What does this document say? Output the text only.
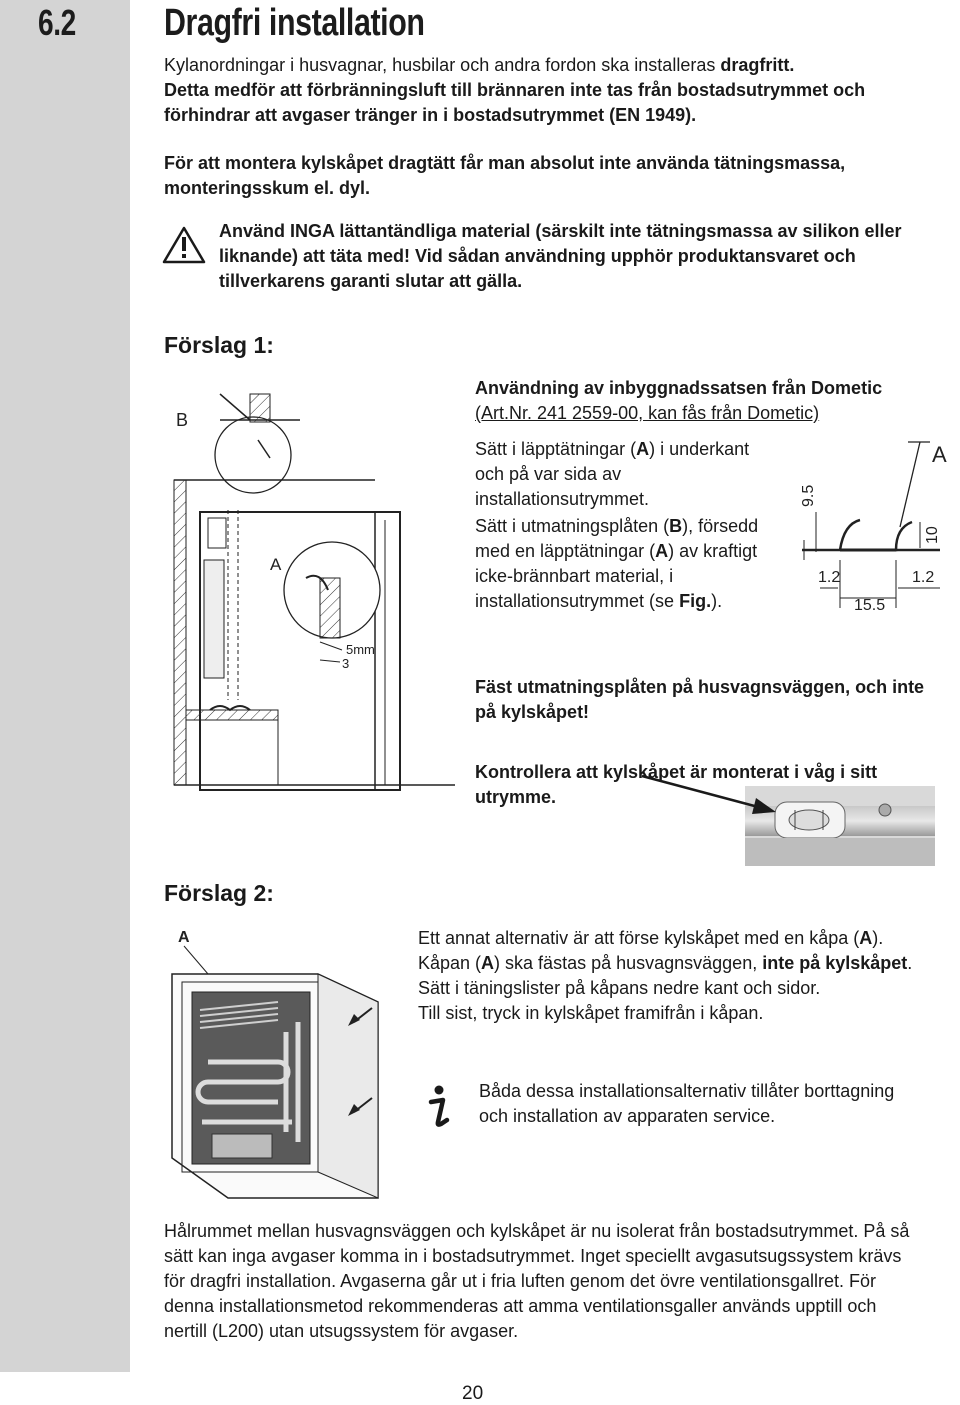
6.2 Dragfri installation

Kylanordningar i husvagnar, husbilar och andra fordon ska installeras dragfritt.
Detta medför att förbränningsluft till brännaren inte tas från bostadsutrymmet och förhindrar att avgaser tränger in i bostadsutrymmet (EN 1949).

För att montera kylskåpet dragtätt får man absolut inte använda tätningsmassa, monteringsskum el. dyl.

Använd INGA lättantändliga material (särskilt inte tätningsmassa av silikon eller liknande) att täta med! Vid sådan användning upphör produktansvaret och tillverkarens garanti slutar att gälla.

Förslag 1:
B
A
5mm
3

Användning av inbyggnadssatsen från Dometic
(Art.Nr. 241 2559-00, kan fås från Dometic)

Sätt i läpptätningar (A) i underkant och på var sida av installationsutrymmet.

Sätt i utmatningsplåten (B), försedd med en läpptätningar (A) av kraftigt icke-brännbart material, i installationsutrymmet (se Fig.).

A
9.5
10
1.2	1.2
15.5

Fäst utmatningsplåten på husvagnsväggen, och inte på kylskåpet!

Kontrollera att kylskåpet är monterat i våg i sitt utrymme.

Förslag 2:
A	Ett annat alternativ är att förse kylskåpet med en kåpa (A). Kåpan (A) ska fästas på husvagnsväggen, inte på kylskåpet. Sätt i täningslister på kåpans nedre kant och sidor.
Till sist, tryck in kylskåpet framifrån i kåpan.

Båda dessa installationsalternativ tillåter borttagning och installation av apparaten service.

Hålrummet mellan husvagnsväggen och kylskåpet är nu isolerat från bostadsutrymmet. På så sätt kan inga avgaser komma in i bostadsutrymmet. Inget speciellt avgasutsugssystem krävs för dragfri installation. Avgaserna går ut i fria luften genom det övre ventilationsgallret. För denna installationsmetod rekommenderas att amma ventilationsgaller används upptill och nertill (L200) utan utsugssystem för avgaser.

20
